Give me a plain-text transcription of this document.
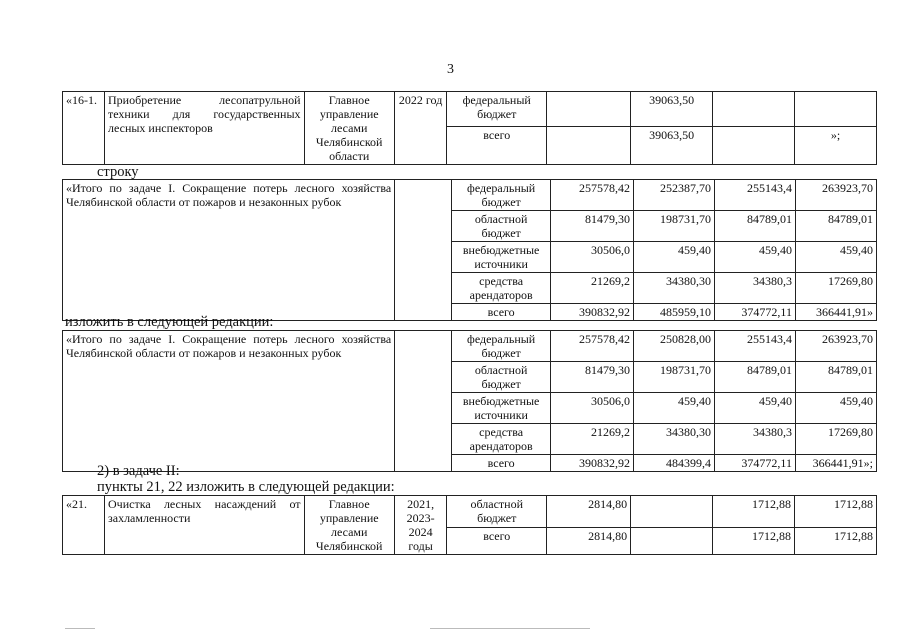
3
«16-1.	Приобретение лесопатрульной техники для государственных лесных инспекторов	Главное управление лесами Челябинской области	2022 год	федеральный бюджет		39063,50		
				всего		39063,50		»;
строку
«Итого по задаче I. Сокращение потерь лесного хозяйства Челябинской области от пожаров и незаконных рубок		федеральный бюджет	257578,42	252387,70	255143,4	263923,70
		областной бюджет	81479,30	198731,70	84789,01	84789,01
		внебюджетные источники	30506,0	459,40	459,40	459,40
		средства арендаторов	21269,2	34380,30	34380,3	17269,80
		всего	390832,92	485959,10	374772,11	366441,91»
изложить в следующей редакции:
«Итого по задаче I. Сокращение потерь лесного хозяйства Челябинской области от пожаров и незаконных рубок		федеральный бюджет	257578,42	250828,00	255143,4	263923,70
		областной бюджет	81479,30	198731,70	84789,01	84789,01
		внебюджетные источники	30506,0	459,40	459,40	459,40
		средства арендаторов	21269,2	34380,30	34380,3	17269,80
		всего	390832,92	484399,4	374772,11	366441,91»;
2) в задаче II:
пункты 21, 22 изложить в следующей редакции:
«21.	Очистка лесных насаждений от захламленности	Главное управление лесами Челябинской	2021, 2023-2024 годы	областной бюджет	2814,80		1712,88	1712,88
				всего	2814,80		1712,88	1712,88
